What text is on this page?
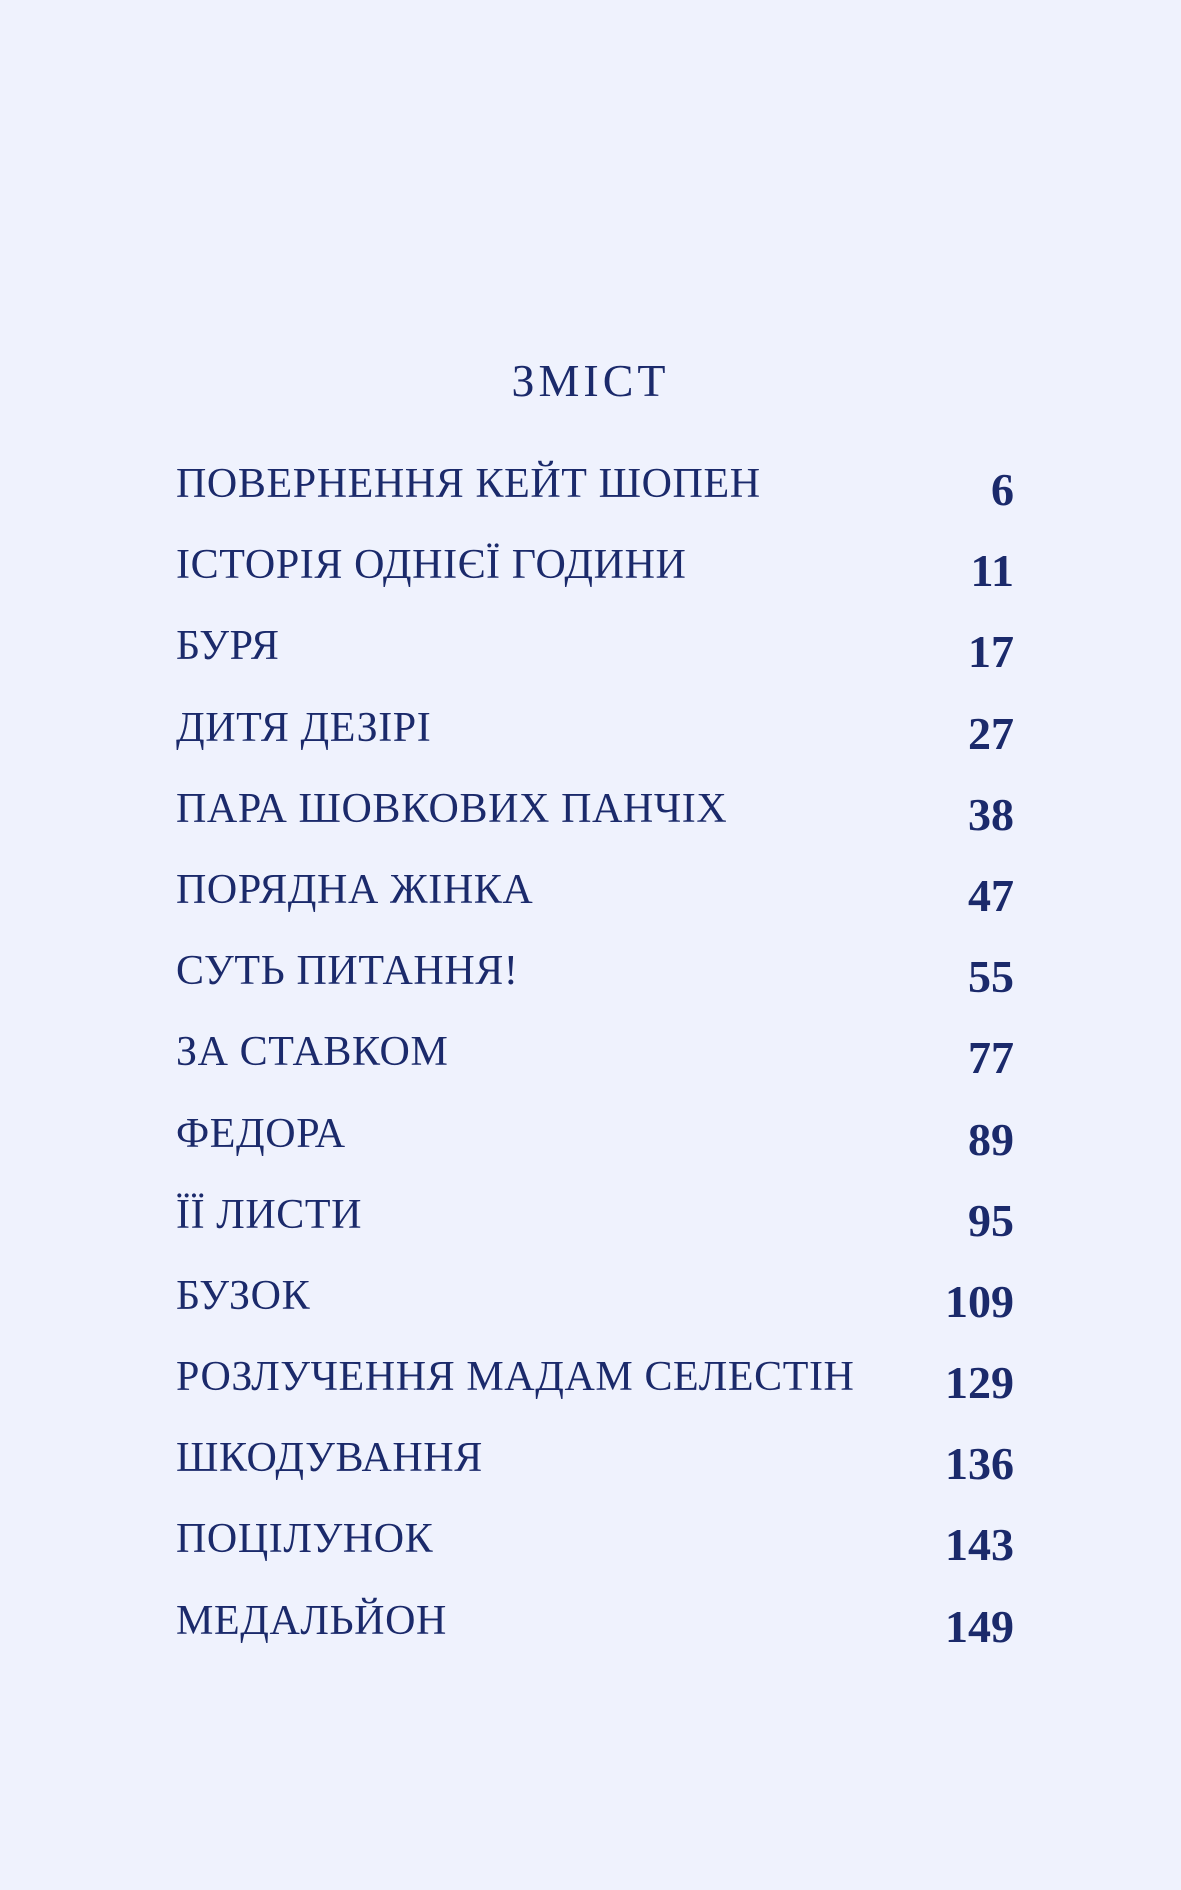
ЗМІСТ
ПОВЕРНЕННЯ КЕЙТ ШОПЕН	6
ІСТОРІЯ ОДНІЄЇ ГОДИНИ	11
БУРЯ	17
ДИТЯ ДЕЗІРІ	27
ПАРА ШОВКОВИХ ПАНЧІХ	38
ПОРЯДНА ЖІНКА	47
СУТЬ ПИТАННЯ!	55
ЗА СТАВКОМ	77
ФЕДОРА	89
ЇЇ ЛИСТИ	95
БУЗОК	109
РОЗЛУЧЕННЯ МАДАМ СЕЛЕСТІН 129
ШКОДУВАННЯ	136
ПОЦІЛУНОК	143
МЕДАЛЬЙОН	149
